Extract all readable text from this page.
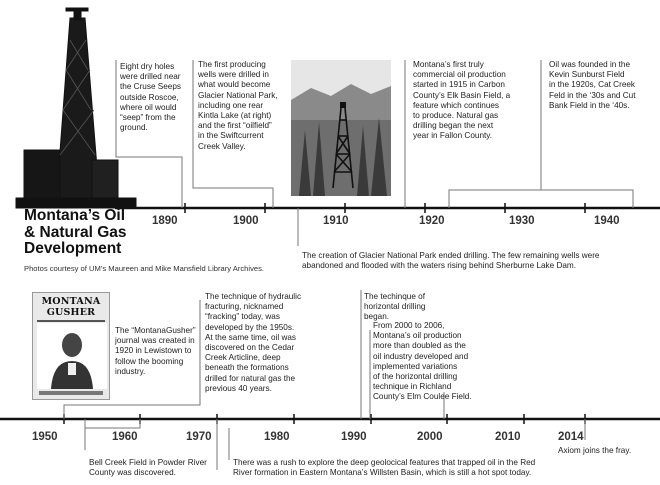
Montana’s Oil
& Natural Gas
Development
Photos courtesy of UM’s Maureen and Mike Mansfield Library Archives.
MONTANA GUSHER
1890	1900	1910	1920	1930	1940
Eight dry holes
were drilled near
the Cruse Seeps
outside Roscoe,
where oil would
“seep” from the
ground.
The first producing
wells were drilled in
what would become
Glacier National Park,
including one rear
Kintla Lake (at right)
and the first “oilfield”
in the Swiftcurrent
Creek Valley.
Montana’s first truly
commercial oil production
started in 1915 in Carbon
County’s Elk Basin Field, a
feature which continues
to produce. Natural gas
drilling began the next
year in Fallon County.
Oil was founded in the
Kevin Sunburst Field
in the 1920s, Cat Creek
Feld in the ‘30s and Cut
Bank Field in the ‘40s.
The creation of Glacier National Park ended drilling. The few remaining wells were
abandoned and flooded with the waters rising behind Sherburne Lake Dam.
1950	1960	1970	1980	1990	2000	2010	2014
The “MontanaGusher”
journal was created in
1920 in Lewistown to
follow the booming
industry.
The technique of hydraulic
fracturing, nicknamed
“fracking” today, was
developed by the 1950s.
At the same time, oil was
discovered on the Cedar
Creek Articline, deep
beneath the formations
drilled for natural gas the
previous 40 years.
The techinque of
horizontal drilling
began.
From 2000 to 2006,
Montana’s oil production
more than doubled as the
oil industry developed and
implemented variations
of the horizontal drilling
technique in Richland
County’s Elm Coulee Field.
Bell Creek Field in Powder River
County was discovered.
There was a rush to explore the deep geolocical features that trapped oil in the Red
River formation in Eastern Montana’s Willsten Basin, which is still a hot spot today.
Axiom joins the fray.
